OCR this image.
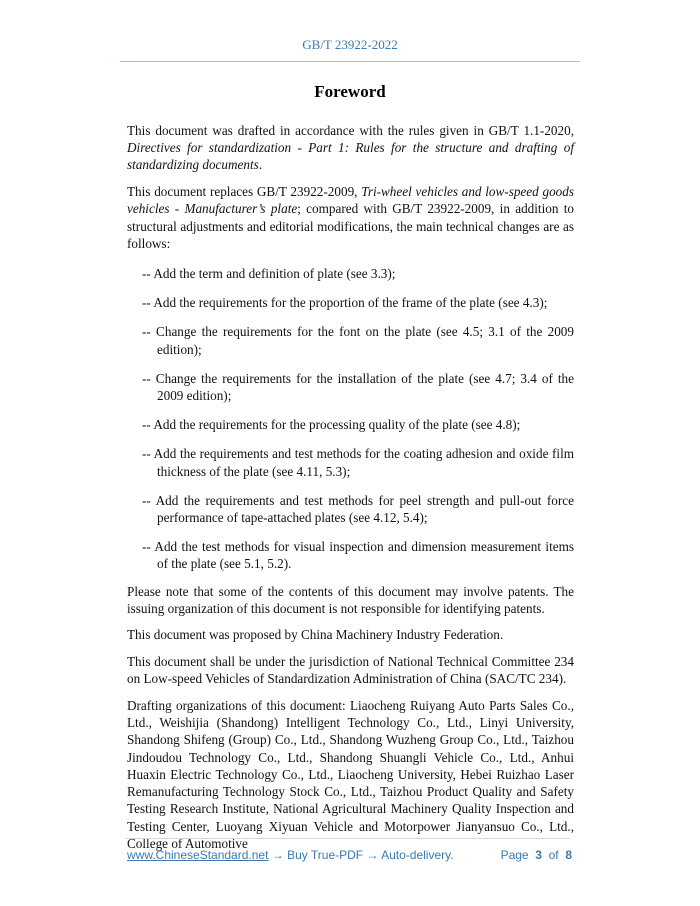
GB/T 23922-2022
Foreword

This document was drafted in accordance with the rules given in GB/T 1.1-2020, Directives for standardization - Part 1: Rules for the structure and drafting of standardizing documents.

This document replaces GB/T 23922-2009, Tri-wheel vehicles and low-speed goods vehicles - Manufacturer’s plate; compared with GB/T 23922-2009, in addition to structural adjustments and editorial modifications, the main technical changes are as follows:

-- Add the term and definition of plate (see 3.3);
-- Add the requirements for the proportion of the frame of the plate (see 4.3);
-- Change the requirements for the font on the plate (see 4.5; 3.1 of the 2009 edition);
-- Change the requirements for the installation of the plate (see 4.7; 3.4 of the 2009 edition);
-- Add the requirements for the processing quality of the plate (see 4.8);
-- Add the requirements and test methods for the coating adhesion and oxide film thickness of the plate (see 4.11, 5.3);
-- Add the requirements and test methods for peel strength and pull-out force performance of tape-attached plates (see 4.12, 5.4);
-- Add the test methods for visual inspection and dimension measurement items of the plate (see 5.1, 5.2).

Please note that some of the contents of this document may involve patents. The issuing organization of this document is not responsible for identifying patents.

This document was proposed by China Machinery Industry Federation.

This document shall be under the jurisdiction of National Technical Committee 234 on Low-speed Vehicles of Standardization Administration of China (SAC/TC 234).

Drafting organizations of this document: Liaocheng Ruiyang Auto Parts Sales Co., Ltd., Weishijia (Shandong) Intelligent Technology Co., Ltd., Linyi University, Shandong Shifeng (Group) Co., Ltd., Shandong Wuzheng Group Co., Ltd., Taizhou Jindoudou Technology Co., Ltd., Shandong Shuangli Vehicle Co., Ltd., Anhui Huaxin Electric Technology Co., Ltd., Liaocheng University, Hebei Ruizhao Laser Remanufacturing Technology Stock Co., Ltd., Taizhou Product Quality and Safety Testing Research Institute, National Agricultural Machinery Quality Inspection and Testing Center, Luoyang Xiyuan Vehicle and Motorpower Jianyansuo Co., Ltd., College of Automotive

www.ChineseStandard.net → Buy True-PDF → Auto-delivery.	Page 3 of 8
